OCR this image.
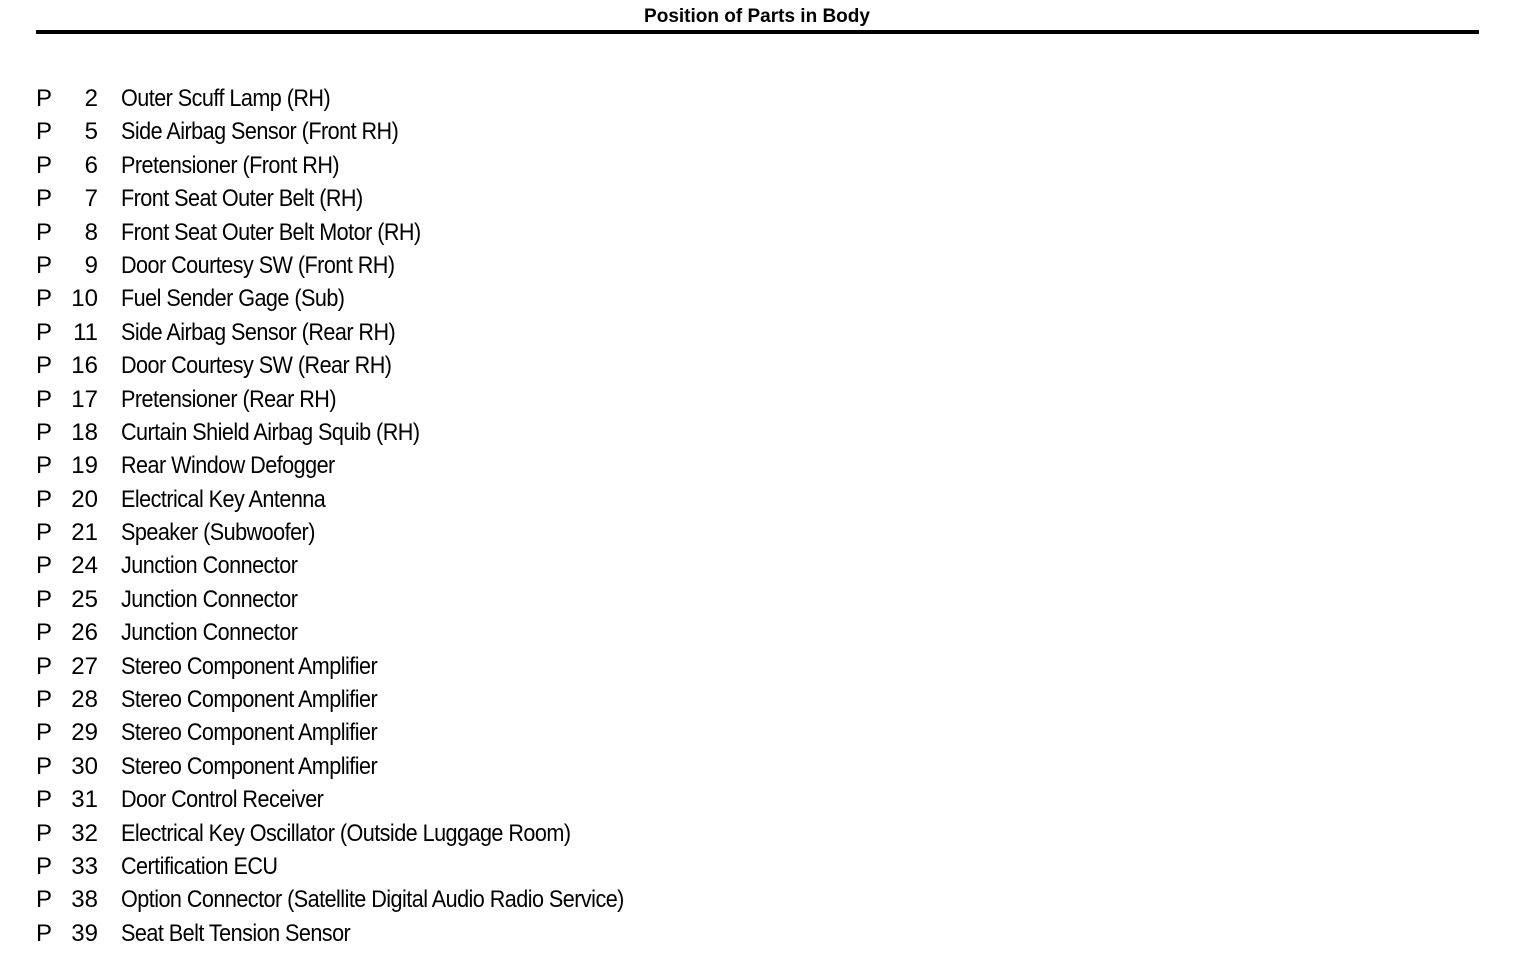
Position of Parts in Body
P	2 Outer Scuff Lamp (RH)
P	5 Side Airbag Sensor (Front RH)
P	6 Pretensioner (Front RH)
P	7 Front Seat Outer Belt (RH)
P	8 Front Seat Outer Belt Motor (RH)
P	9 Door Courtesy SW (Front RH)
P 10 Fuel Sender Gage (Sub)
P 11 Side Airbag Sensor (Rear RH)
P 16 Door Courtesy SW (Rear RH)
P 17 Pretensioner (Rear RH)
P 18 Curtain Shield Airbag Squib (RH)
P 19 Rear Window Defogger
P 20 Electrical Key Antenna
P 21 Speaker (Subwoofer)
P 24 Junction Connector
P 25 Junction Connector
P 26 Junction Connector
P 27 Stereo Component Amplifier
P 28 Stereo Component Amplifier
P 29 Stereo Component Amplifier
P 30 Stereo Component Amplifier
P 31 Door Control Receiver
P 32 Electrical Key Oscillator (Outside Luggage Room)
P 33 Certification ECU
P 38 Option Connector (Satellite Digital Audio Radio Service)
P 39 Seat Belt Tension Sensor
